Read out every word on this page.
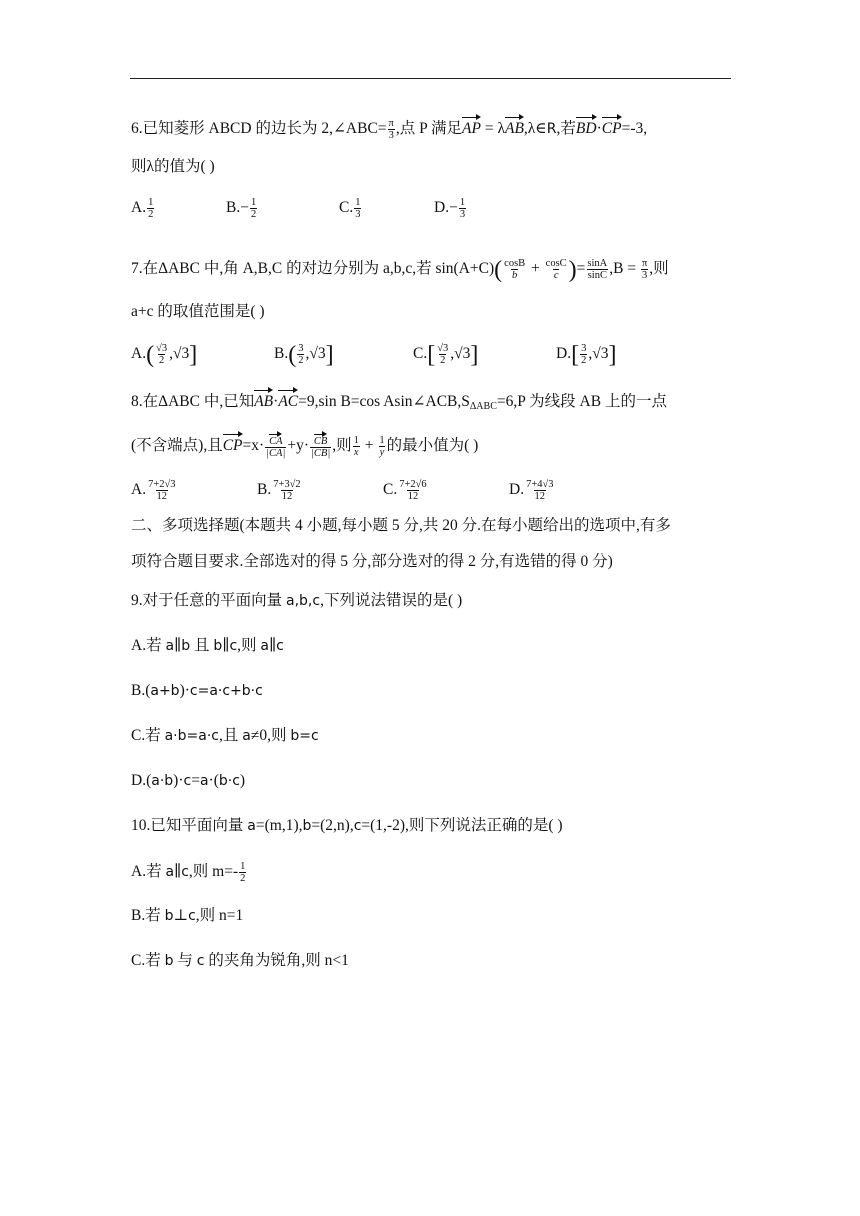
6.已知菱形 ABCD 的边长为 2,∠ABC= $\frac{\pi}{3}$ ,点 P 满足AP = λAB,λ∈R,若BD·CP=-3,
则λ的值为( )
A. $\frac{1}{2}$	$B.- \frac{1}{2}$	C. $\frac{1}{3}$	$D.- \frac{1}{3}$
7.在ΔABC 中,角 A,B,C 的对边分别为 a,b,c,若 $\sin(A+C)( \frac{\cos B}{b} + \frac{\cos C}{c}$ )= $\frac{\sin A}{\sin C} ,B = \frac{\pi}{3}$ ,则
a+c 的取值范围是( )
$A.( \frac{√3}{2} ,√3]$	$B.( \frac{3}{2} ,√3]$	$C.[ \frac{√3}{2} ,√3]$	$D.[ \frac{3}{2} ,√3]$
8.在ΔABC 中,已知AB·AC=9,sin B=cos $Asin\angle ACB,S_{\Delta ABC}=6,P$ 为线段 AB 上的一点
(不含端点),且$CP=x\cdot \frac{CA}{|CA|} +y\cdot \frac{CB}{|CB|}$ ,则 $\frac{1}{x} + \frac{1}{y}$ 的最小值为( )
A. $\frac{7+2√3}{12}$	B. $\frac{7+3√2}{12}$	C. $\frac{7+2√6}{12}$	D. $\frac{7+4√3}{12}$
二、多项选择题(本题共 4 小题,每小题 5 分,共 20 分.在每小题给出的选项中,有多
项符合题目要求.全部选对的得 5 分,部分选对的得 2 分,有选错的得 0 分)
9.对于任意的平面向量 a,b,c,下列说法错误的是( )
A.若 a∥b 且 b∥c,则 a∥c
B.(a+b)·c=a·c+b·c
C.若 a·b=a·c,且 a≠0,则 b=c
D.(a·b)·c=a·(b·c)
10.已知平面向量 a=(m,1),b=(2,n),c=(1,-2),则下列说法正确的是( )
A.若 a∥c,则 $m=- \frac{1}{2}$
B.若 b⊥c,则 n=1
C.若 b 与 c 的夹角为锐角,则 n<1
